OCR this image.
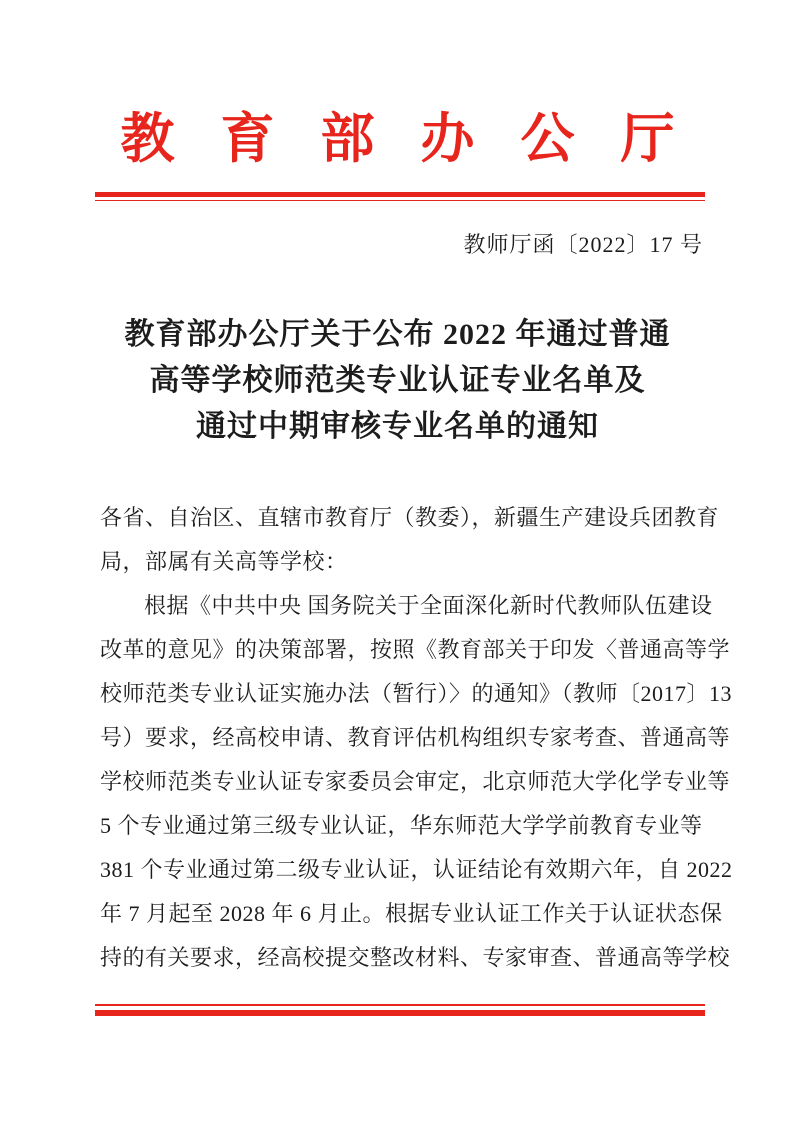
教育部办公厅
教师厅函〔2022〕17 号
教育部办公厅关于公布 2022 年通过普通
高等学校师范类专业认证专业名单及
通过中期审核专业名单的通知
各省、自治区、直辖市教育厅（教委），新疆生产建设兵团教育
局，部属有关高等学校：
根据《中共中央 国务院关于全面深化新时代教师队伍建设
改革的意见》的决策部署，按照《教育部关于印发〈普通高等学
校师范类专业认证实施办法（暂行）〉的通知》（教师〔2017〕13
号）要求，经高校申请、教育评估机构组织专家考查、普通高等
学校师范类专业认证专家委员会审定，北京师范大学化学专业等
5 个专业通过第三级专业认证，华东师范大学学前教育专业等
381 个专业通过第二级专业认证，认证结论有效期六年，自 2022
年 7 月起至 2028 年 6 月止。根据专业认证工作关于认证状态保
持的有关要求，经高校提交整改材料、专家审查、普通高等学校
